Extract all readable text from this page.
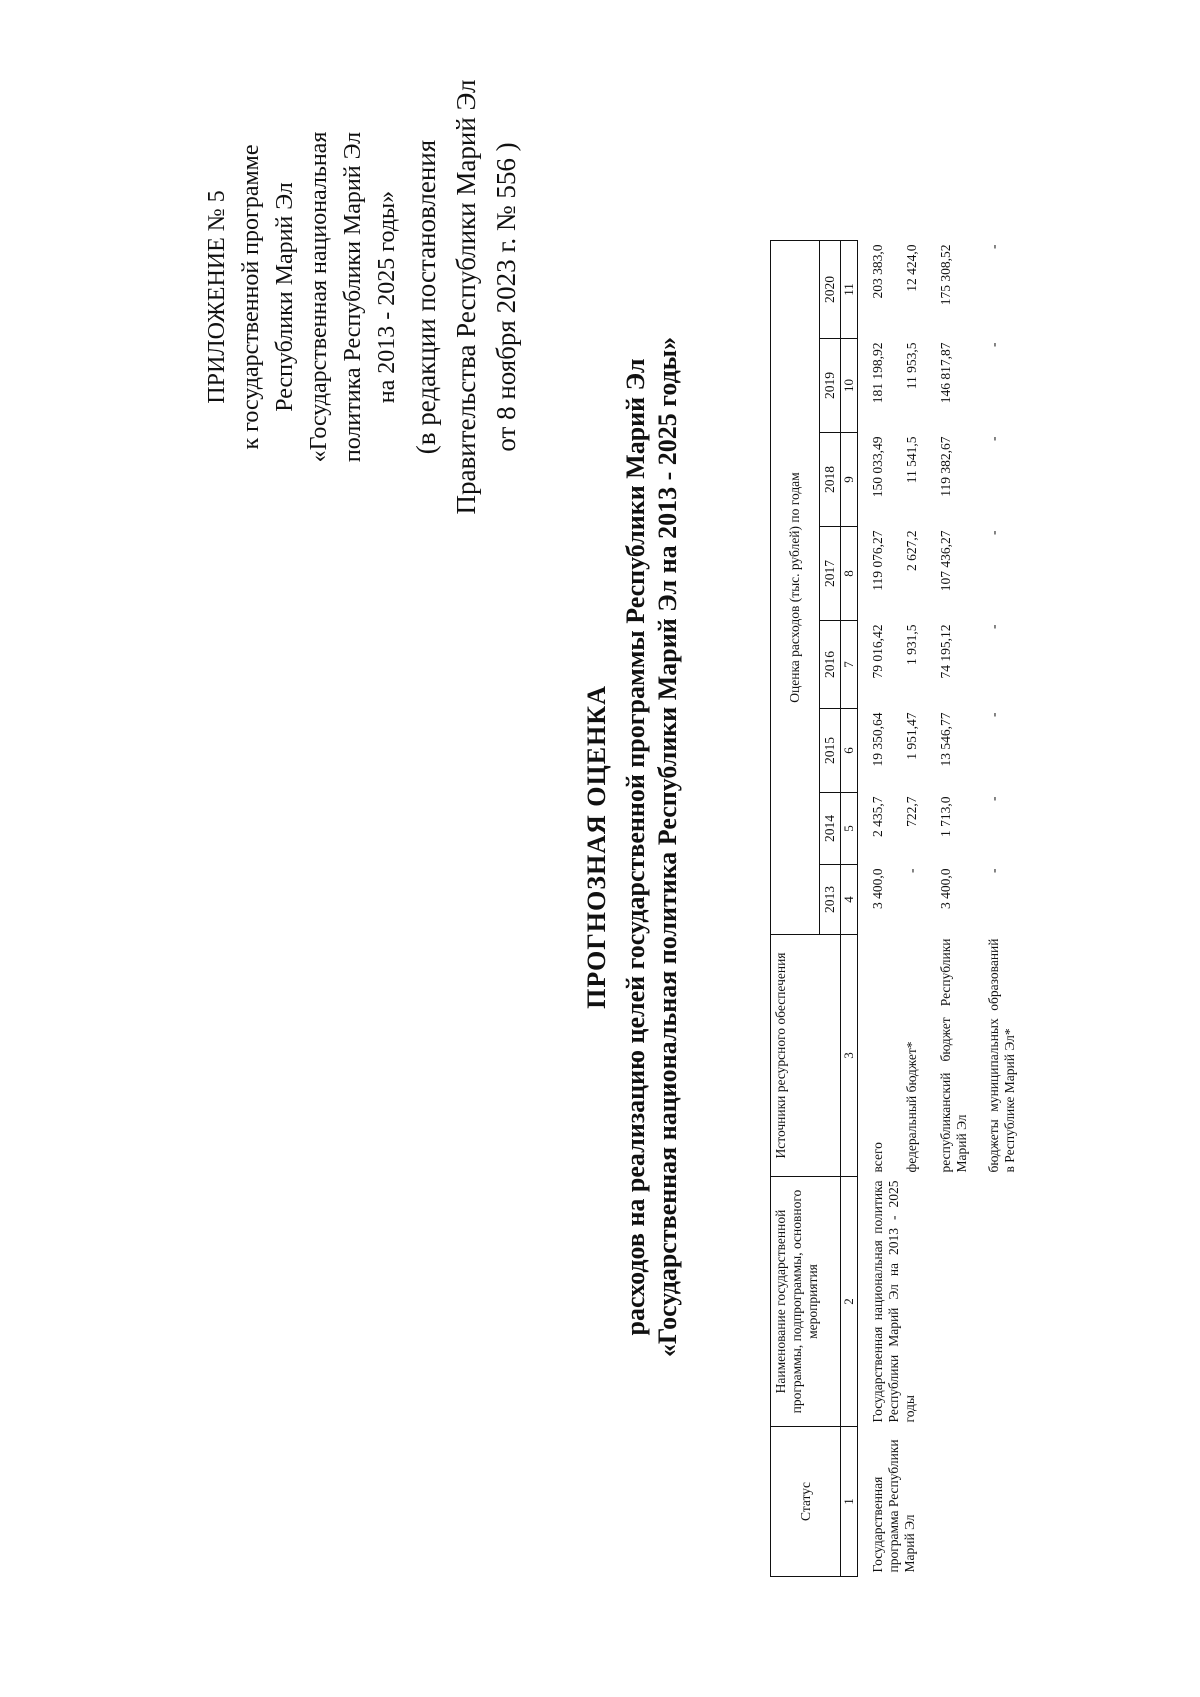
ПРИЛОЖЕНИЕ № 5 к государственной программе Республики Марий Эл «Государственная национальная политика Республики Марий Эл на 2013 - 2025 годы» (в редакции постановления Правительства Республики Марий Эл от 8 ноября 2023 г. № 556 )
ПРОГНОЗНАЯ ОЦЕНКА расходов на реализацию целей государственной программы Республики Марий Эл «Государственная национальная политика Республики Марий Эл на 2013 - 2025 годы»
Статус	Наименование государственной программы, подпрограммы, основного мероприятия	Источники ресурсного обеспечения	Оценка расходов (тыс. рублей) по годам							
			2013	2014	2015	2016	2017	2018	2019	2020
1	2	3	4	5	6	7	8	9	10	11
Государственная программа Республики Марий Эл	Государственная национальная политика Республики Марий Эл на 2013 - 2025 годы	всего	3 400,0	2 435,7	19 350,64	79 016,42	119 076,27	150 033,49	181 198,92	203 383,0
		федеральный бюджет*	-	722,7	1 951,47	1 931,5	2 627,2	11 541,5	11 953,5	12 424,0
		республиканский бюджет Республики Марий Эл	3 400,0	1 713,0	13 546,77	74 195,12	107 436,27	119 382,67	146 817,87	175 308,52
		бюджеты муниципальных образований в Республике Марий Эл*	-	-	-	-	-	-	-	-
